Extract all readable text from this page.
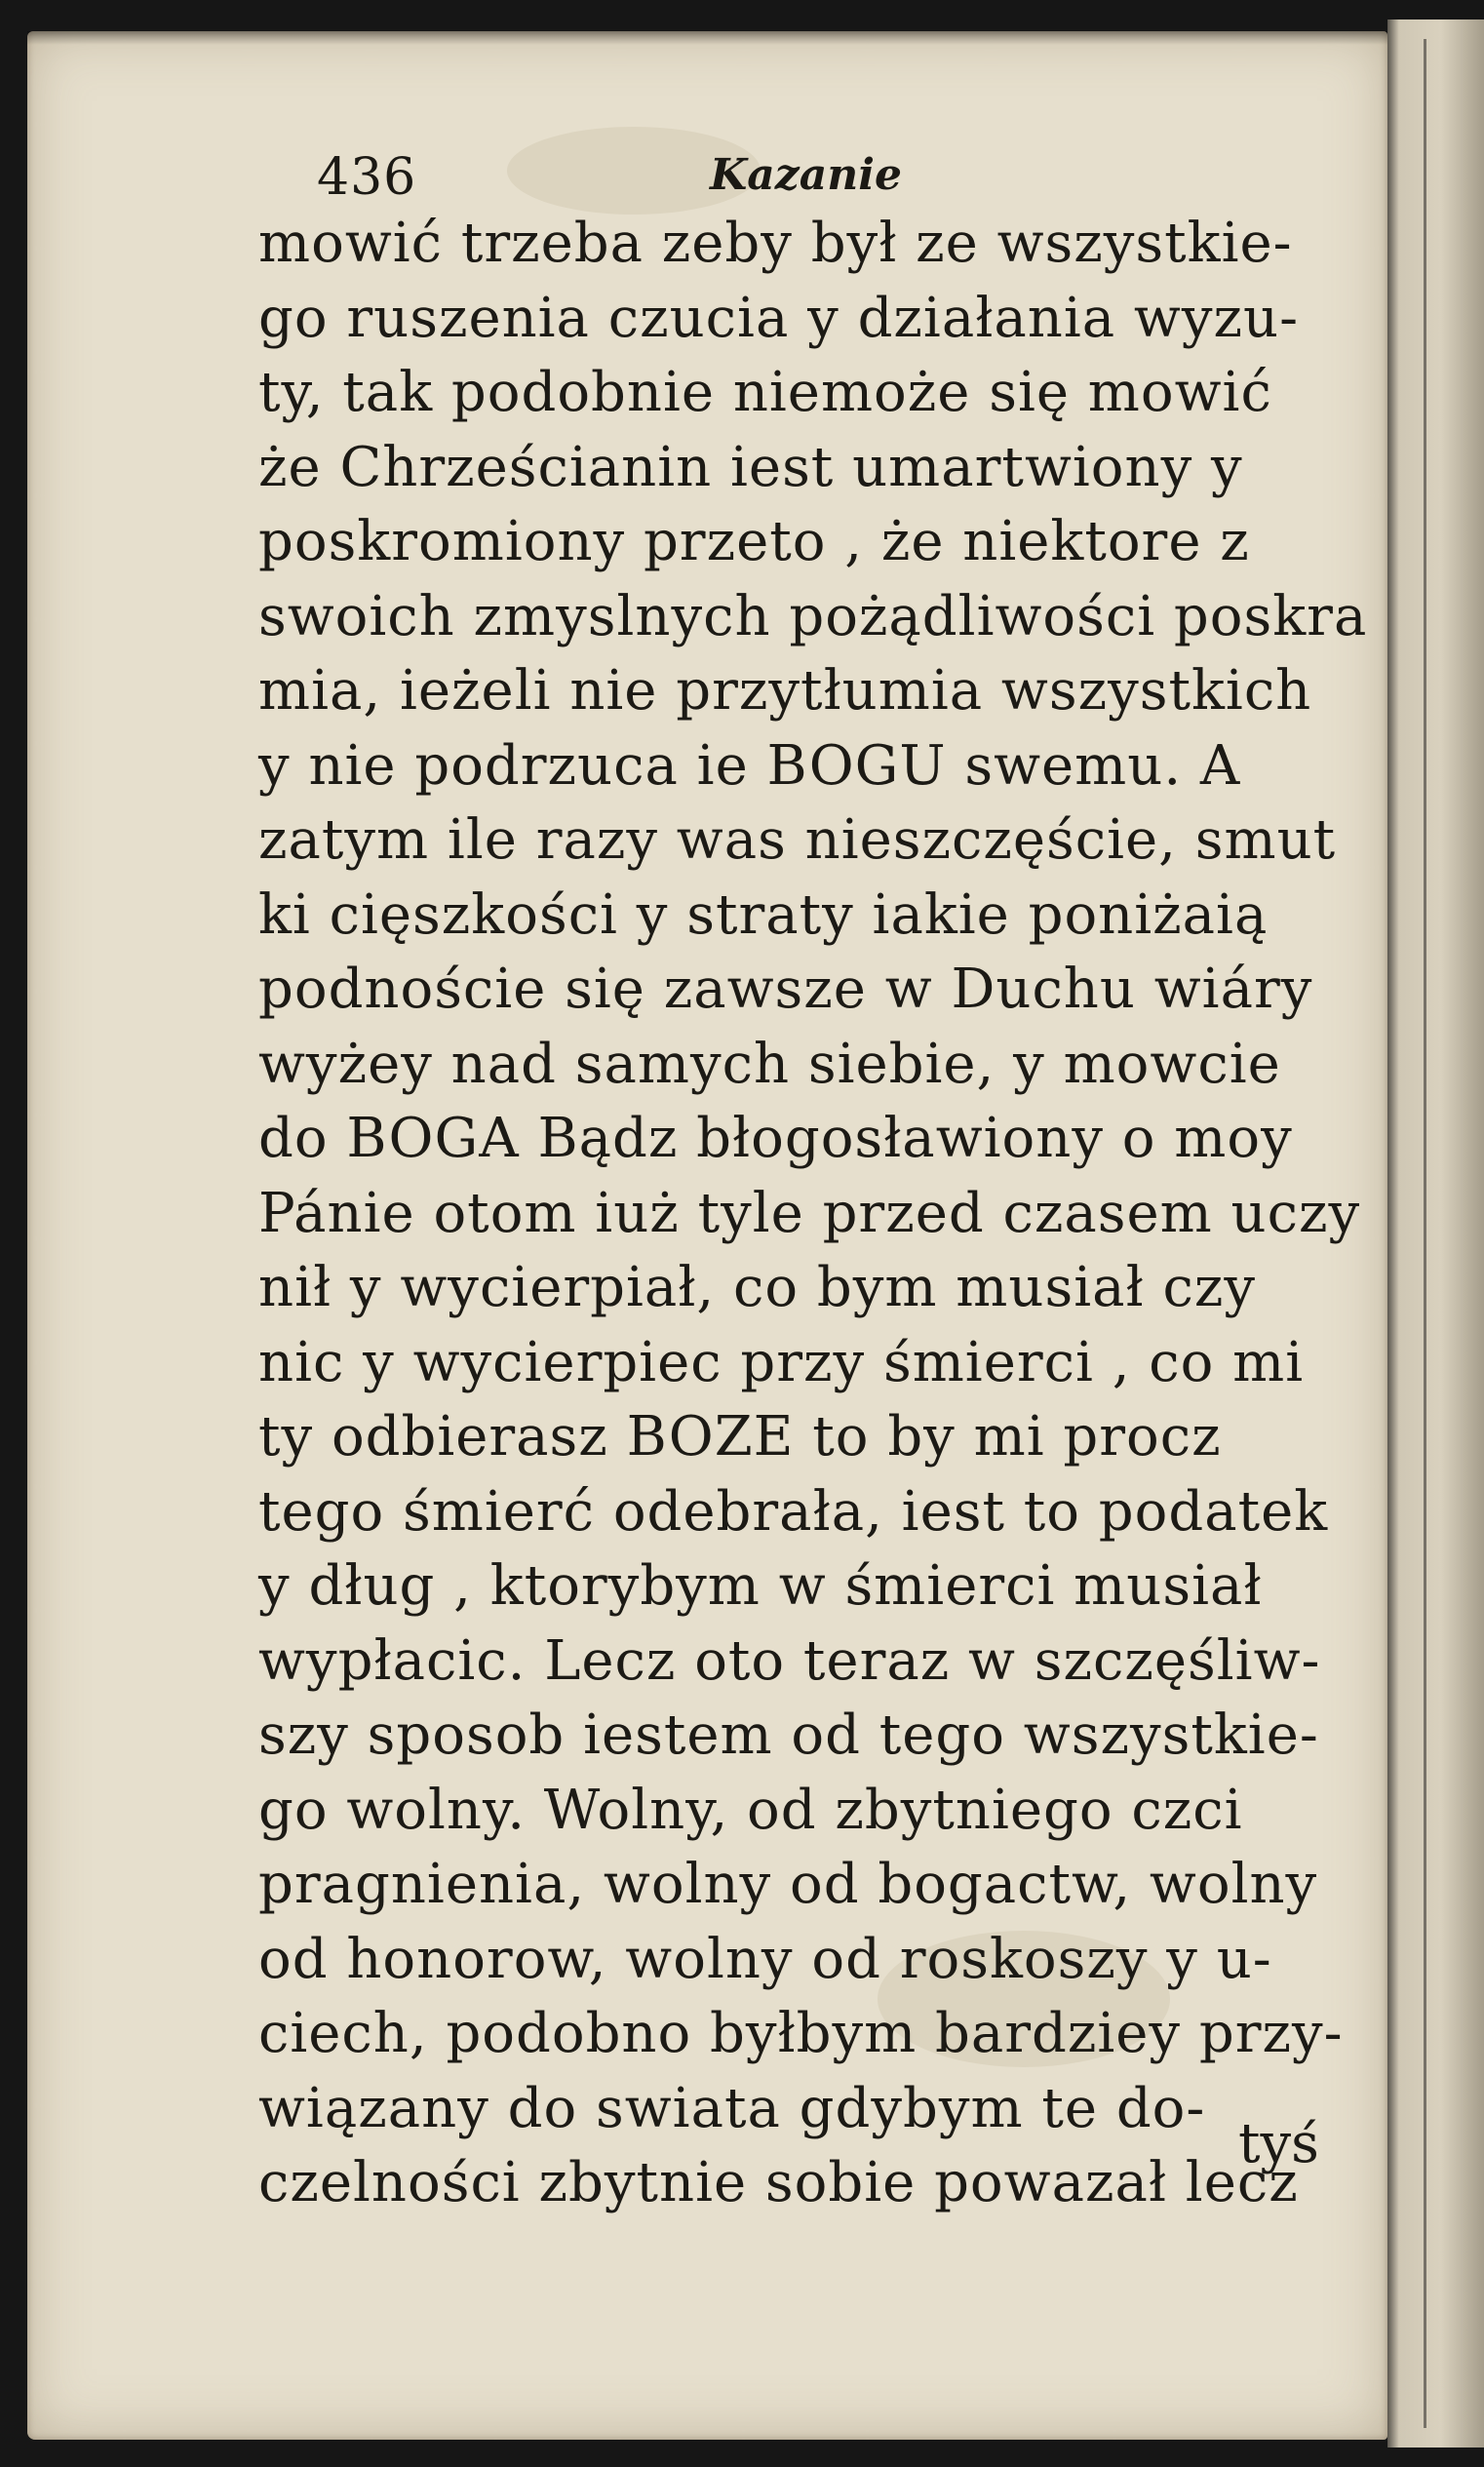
436	Kazanie
mowić trzeba zeby był ze wszystkie-
go ruszenia czucia y działania wyzu-
ty, tak podobnie niemoże się mowić
że Chrześcianin iest umartwiony y
poskromiony przeto , że niektore z
swoich zmyslnych pożądliwości poskra
mia, ieżeli nie przytłumia wszystkich
y nie podrzuca ie BOGU swemu. A
zatym ile razy was nieszczęście, smut
ki cięszkości y straty iakie poniżaią
podnoście się zawsze w Duchu wiáry
wyżey nad samych siebie, y mowcie
do BOGA Bądz błogosławiony o moy
Pánie otom iuż tyle przed czasem uczy
nił y wycierpiał, co bym musiał czy
nic y wycierpiec przy śmierci , co mi
ty odbierasz BOZE to by mi procz
tego śmierć odebrała, iest to podatek
y dług , ktorybym w śmierci musiał
wypłacic. Lecz oto teraz w szczęśliw-
szy sposob iestem od tego wszystkie-
go wolny. Wolny, od zbytniego czci
pragnienia, wolny od bogactw, wolny
od honorow, wolny od roskoszy y u-
ciech, podobno byłbym bardziey przy-
wiązany do swiata gdybym te do-
czelności zbytnie sobie powazał lecz
tyś
